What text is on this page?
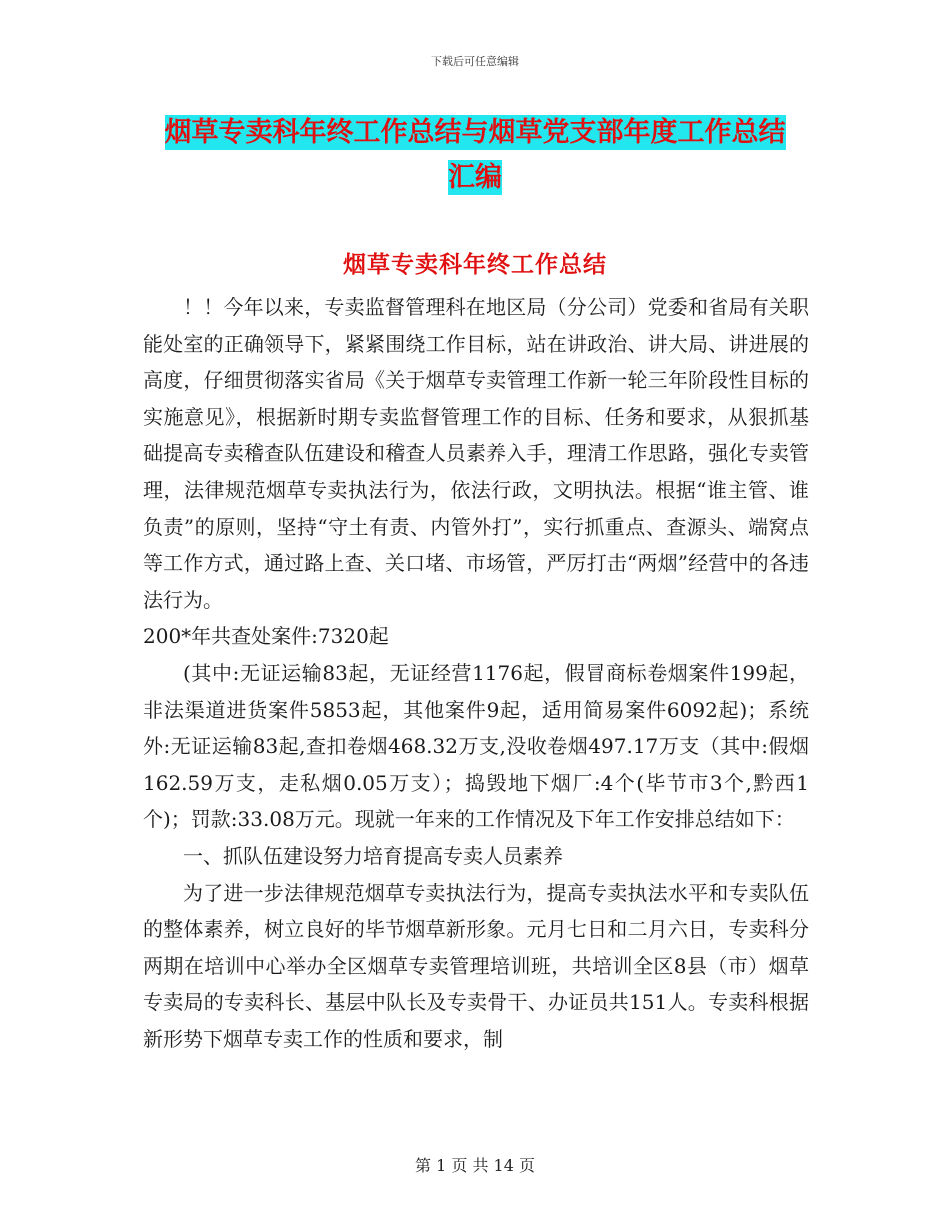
下载后可任意编辑
烟草专卖科年终工作总结与烟草党支部年度工作总结
汇编
烟草专卖科年终工作总结

！！今年以来，专卖监督管理科在地区局（分公司）党委和省局有关职能处室的正确领导下，紧紧围绕工作目标，站在讲政治、讲大局、讲进展的高度，仔细贯彻落实省局《关于烟草专卖管理工作新一轮三年阶段性目标的实施意见》，根据新时期专卖监督管理工作的目标、任务和要求，从狠抓基础提高专卖稽查队伍建设和稽查人员素养入手，理清工作思路，强化专卖管理，法律规范烟草专卖执法行为，依法行政，文明执法。根据“谁主管、谁负责”的原则，坚持“守土有责、内管外打”，实行抓重点、查源头、端窝点等工作方式，通过路上查、关口堵、市场管，严厉打击“两烟”经营中的各违法行为。

200*年共查处案件:7320起

(其中:无证运输83起，无证经营1176起，假冒商标卷烟案件199起，非法渠道进货案件5853起，其他案件9起，适用简易案件6092起)；系统外:无证运输83起,查扣卷烟468.32万支,没收卷烟497.17万支（其中:假烟162.59万支，走私烟0.05万支）；捣毁地下烟厂:4个(毕节市3个,黔西1个)；罚款:33.08万元。现就一年来的工作情况及下年工作安排总结如下：

一、抓队伍建设努力培育提高专卖人员素养

为了进一步法律规范烟草专卖执法行为，提高专卖执法水平和专卖队伍的整体素养，树立良好的毕节烟草新形象。元月七日和二月六日，专卖科分两期在培训中心举办全区烟草专卖管理培训班，共培训全区8县（市）烟草专卖局的专卖科长、基层中队长及专卖骨干、办证员共151人。专卖科根据新形势下烟草专卖工作的性质和要求，制

第 1 页 共 14 页
